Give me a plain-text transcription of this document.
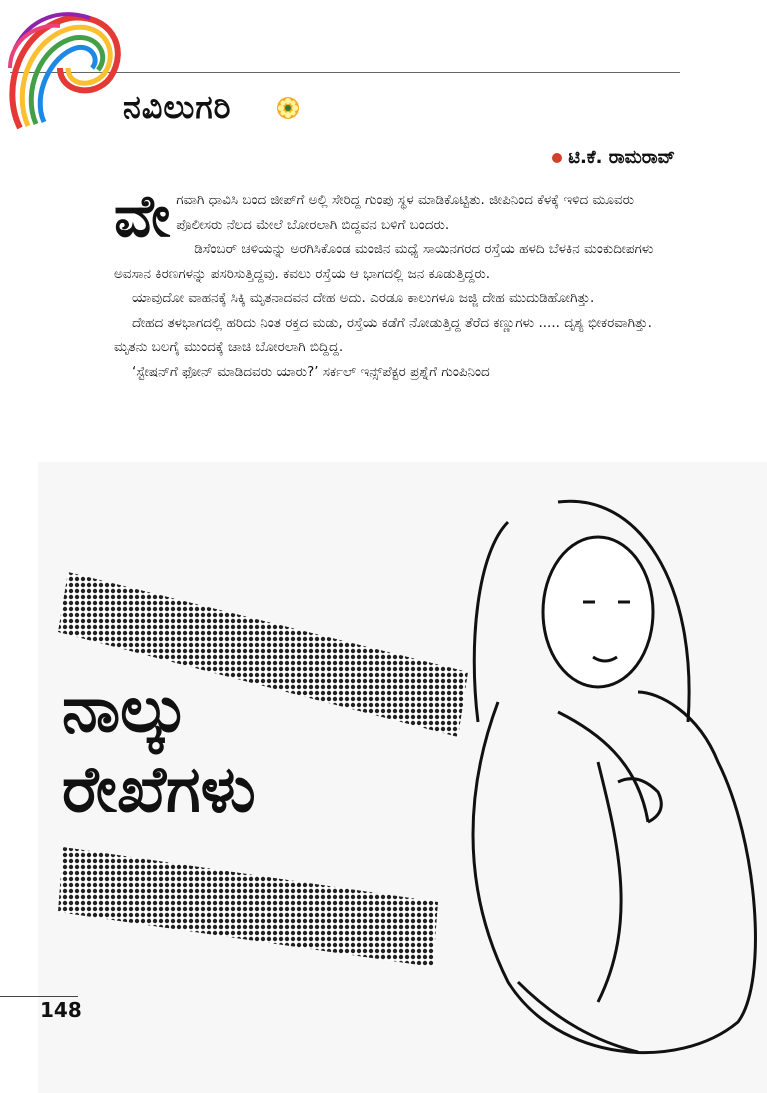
ನವಿಲುಗರಿ
ಟಿ.ಕೆ. ರಾಮರಾವ್

ವೇ ಗವಾಗಿ ಧಾವಿಸಿ ಬಂದ ಜೀಪ್‌ಗೆ ಅಲ್ಲಿ ಸೇರಿದ್ದ ಗುಂಪು ಸ್ಥಳ ಮಾಡಿಕೊಟ್ಟಿತು. ಜೀಪಿನಿಂದ ಕೆಳಕ್ಕೆ ಇಳಿದ ಮೂವರು ಪೊಲೀಸರು ನೆಲದ ಮೇಲೆ ಬೋರಲಾಗಿ ಬಿದ್ದವನ ಬಳಿಗೆ ಬಂದರು.

ಡಿಸೆಂಬರ್ ಚಳಿಯನ್ನು ಅರಗಿಸಿಕೊಂಡ ಮಂಜಿನ ಮಧ್ಯೆ ಸಾಯಿನಗರದ ರಸ್ತೆಯ ಹಳದಿ ಬೆಳಕಿನ ಮಂಕುದೀಪಗಳು ಅವಸಾನ ಕಿರಣಗಳನ್ನು ಪಸರಿಸುತ್ತಿದ್ದವು. ಕವಲು ರಸ್ತೆಯ ಆ ಭಾಗದಲ್ಲಿ ಜನ ಕೂಡುತ್ತಿದ್ದರು.

ಯಾವುದೋ ವಾಹನಕ್ಕೆ ಸಿಕ್ಕಿ ಮೃತನಾದವನ ದೇಹ ಅದು. ಎರಡೂ ಕಾಲುಗಳೂ ಜಜ್ಜಿ ದೇಹ ಮುದುಡಿಹೋಗಿತ್ತು.

ದೇಹದ ತಳಭಾಗದಲ್ಲಿ ಹರಿದು ನಿಂತ ರಕ್ತದ ಮಡು, ರಸ್ತೆಯ ಕಡೆಗೆ ನೋಡುತ್ತಿದ್ದ ತೆರೆದ ಕಣ್ಣುಗಳು ..... ದೃಶ್ಯ ಭೀಕರವಾಗಿತ್ತು. ಮೃತನು ಬಲಗೈ ಮುಂದಕ್ಕೆ ಚಾಚಿ ಬೋರಲಾಗಿ ಬಿದ್ದಿದ್ದ.

‘ಸ್ಟೇಷನ್‌ಗೆ ಫೋನ್ ಮಾಡಿದವರು ಯಾರು?’ ಸರ್ಕಲ್ ಇನ್ಸ್‌ಪೆಕ್ಟರ ಪ್ರಶ್ನೆಗೆ ಗುಂಪಿನಿಂದ

ನಾಲ್ಕು
ರೇಖೆಗಳು
148
